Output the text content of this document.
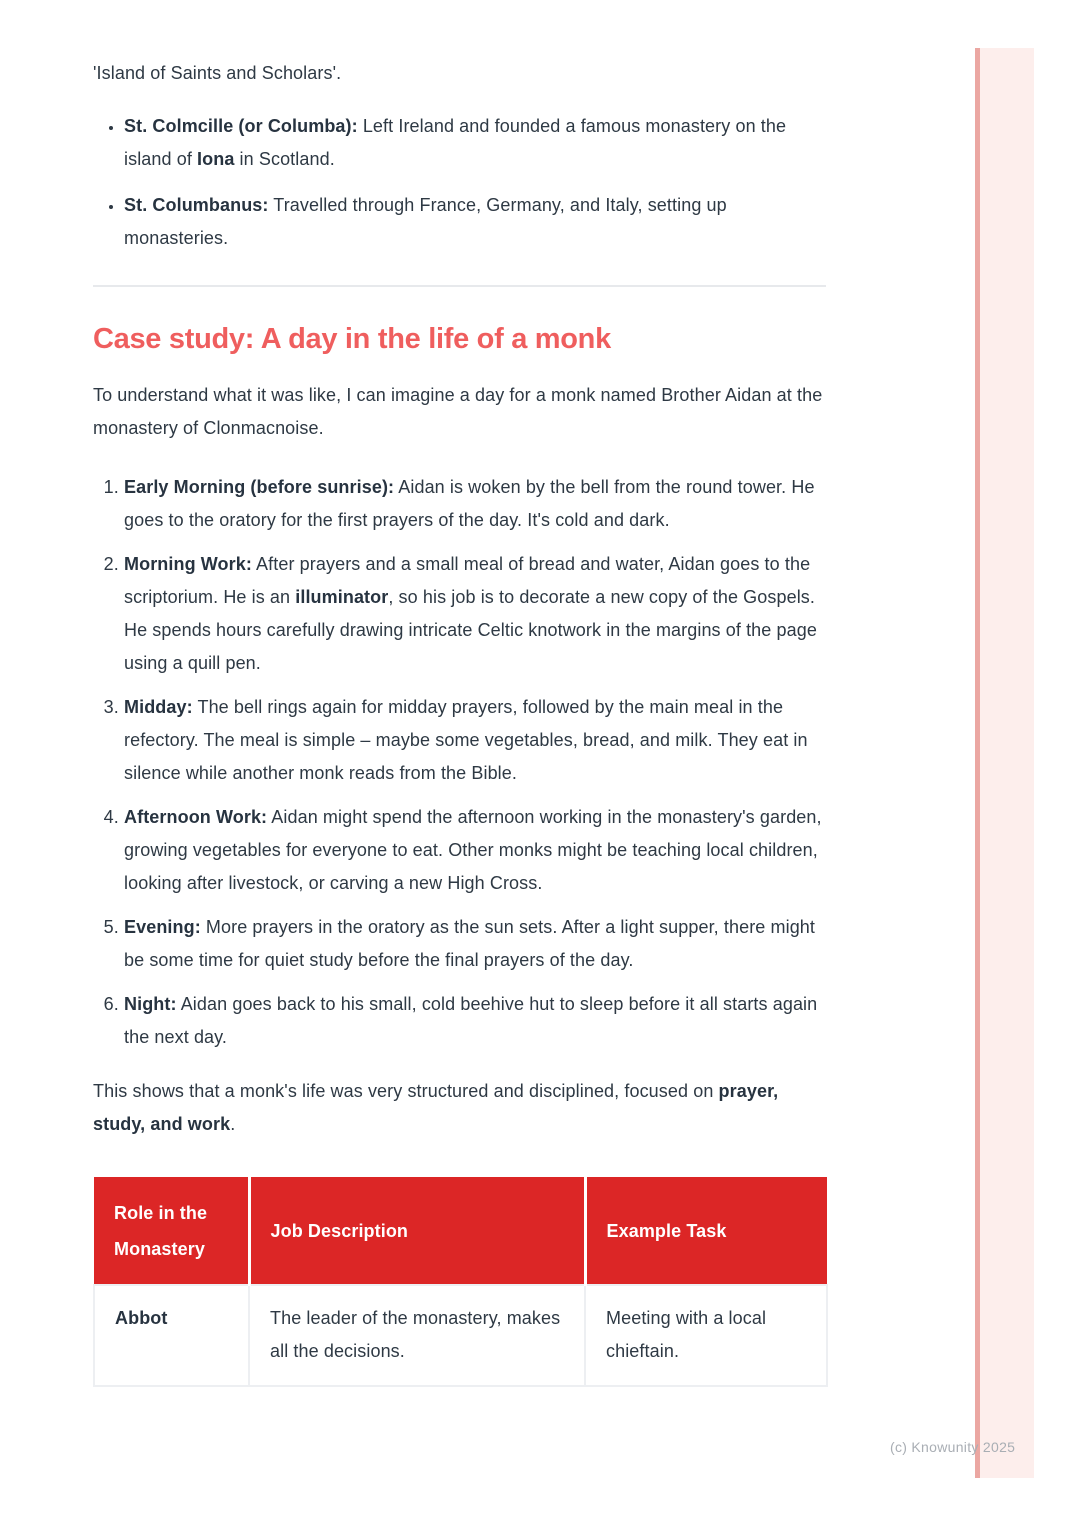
'Island of Saints and Scholars'.

• St. Colmcille (or Columba): Left Ireland and founded a famous monastery on the island of Iona in Scotland.
• St. Columbanus: Travelled through France, Germany, and Italy, setting up monasteries.
Case study: A day in the life of a monk

To understand what it was like, I can imagine a day for a monk named Brother Aidan at the monastery of Clonmacnoise.

1. Early Morning (before sunrise): Aidan is woken by the bell from the round tower. He goes to the oratory for the first prayers of the day. It's cold and dark.
2. Morning Work: After prayers and a small meal of bread and water, Aidan goes to the scriptorium. He is an illuminator, so his job is to decorate a new copy of the Gospels. He spends hours carefully drawing intricate Celtic knotwork in the margins of the page using a quill pen.
3. Midday: The bell rings again for midday prayers, followed by the main meal in the refectory. The meal is simple – maybe some vegetables, bread, and milk. They eat in silence while another monk reads from the Bible.
4. Afternoon Work: Aidan might spend the afternoon working in the monastery's garden, growing vegetables for everyone to eat. Other monks might be teaching local children, looking after livestock, or carving a new High Cross.
5. Evening: More prayers in the oratory as the sun sets. After a light supper, there might be some time for quiet study before the final prayers of the day.
6. Night: Aidan goes back to his small, cold beehive hut to sleep before it all starts again the next day.

This shows that a monk's life was very structured and disciplined, focused on prayer, study, and work.

Role in the Monastery	Job Description	Example Task
Abbot	The leader of the monastery, makes all the decisions.	Meeting with a local chieftain.
(c) Knowunity 2025
